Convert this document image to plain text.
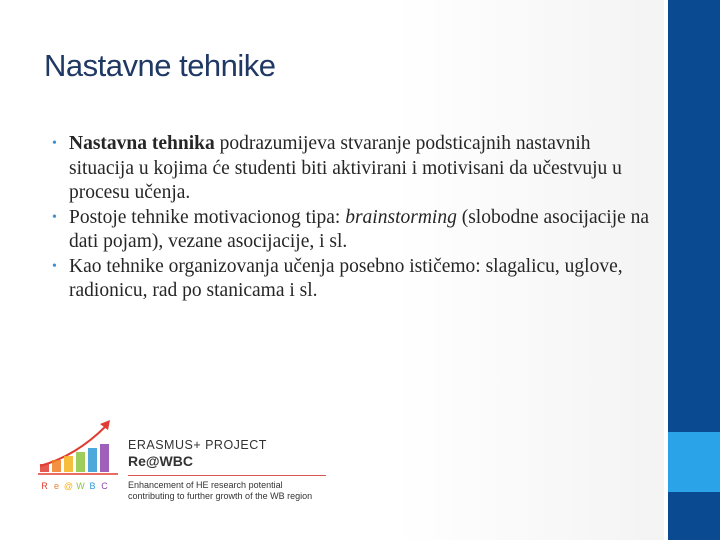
Nastavne tehnike
• Nastavna tehnika podrazumijeva stvaranje podsticajnih nastavnih situacija u kojima će studenti biti aktivirani i motivisani da učestvuju u procesu učenja.
• Postoje tehnike motivacionog tipa: brainstorming (slobodne asocijacije na dati pojam), vezane asocijacije, i sl.
• Kao tehnike organizovanja učenja posebno ističemo: slagalicu, uglove, radionicu, rad po stanicama i sl.
R e @ W B C
ERASMUS+ PROJECT
Re@WBC
Enhancement of HE research potential
contributing to further growth of the WB region
